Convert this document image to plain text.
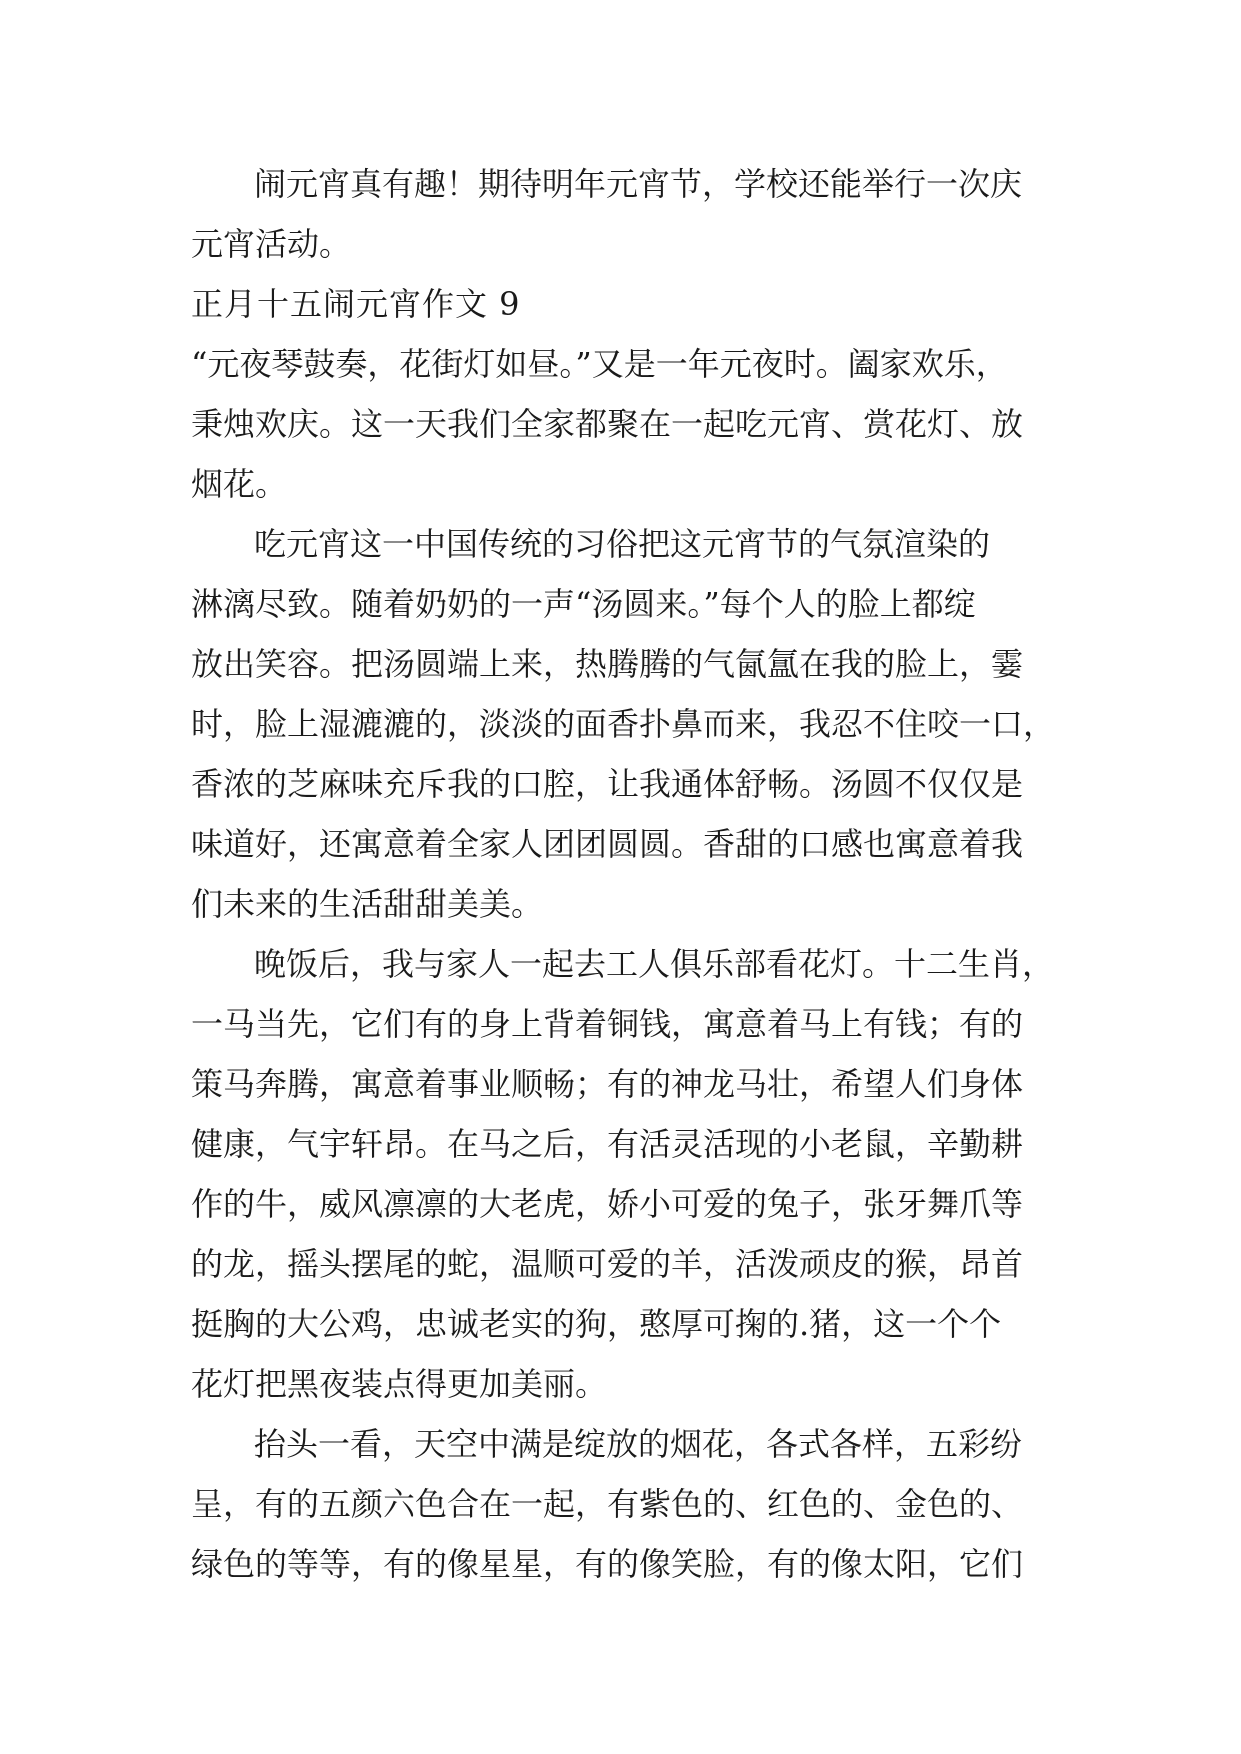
闹元宵真有趣！期待明年元宵节，学校还能举行一次庆

元宵活动。

正月十五闹元宵作文 9

“元夜琴鼓奏，花街灯如昼。”又是一年元夜时。阖家欢乐，

秉烛欢庆。这一天我们全家都聚在一起吃元宵、赏花灯、放

烟花。

吃元宵这一中国传统的习俗把这元宵节的气氛渲染的

淋漓尽致。随着奶奶的一声“汤圆来。”每个人的脸上都绽

放出笑容。把汤圆端上来，热腾腾的气氤氲在我的脸上，霎

时，脸上湿漉漉的，淡淡的面香扑鼻而来，我忍不住咬一口，

香浓的芝麻味充斥我的口腔，让我通体舒畅。汤圆不仅仅是

味道好，还寓意着全家人团团圆圆。香甜的口感也寓意着我

们未来的生活甜甜美美。

晚饭后，我与家人一起去工人俱乐部看花灯。十二生肖，

一马当先，它们有的身上背着铜钱，寓意着马上有钱；有的

策马奔腾，寓意着事业顺畅；有的神龙马壮，希望人们身体

健康，气宇轩昂。在马之后，有活灵活现的小老鼠，辛勤耕

作的牛，威风凛凛的大老虎，娇小可爱的兔子，张牙舞爪等

的龙，摇头摆尾的蛇，温顺可爱的羊，活泼顽皮的猴，昂首

挺胸的大公鸡，忠诚老实的狗，憨厚可掬的.猪，这一个个

花灯把黑夜装点得更加美丽。

抬头一看，天空中满是绽放的烟花，各式各样，五彩纷

呈，有的五颜六色合在一起，有紫色的、红色的、金色的、

绿色的等等，有的像星星，有的像笑脸，有的像太阳，它们
